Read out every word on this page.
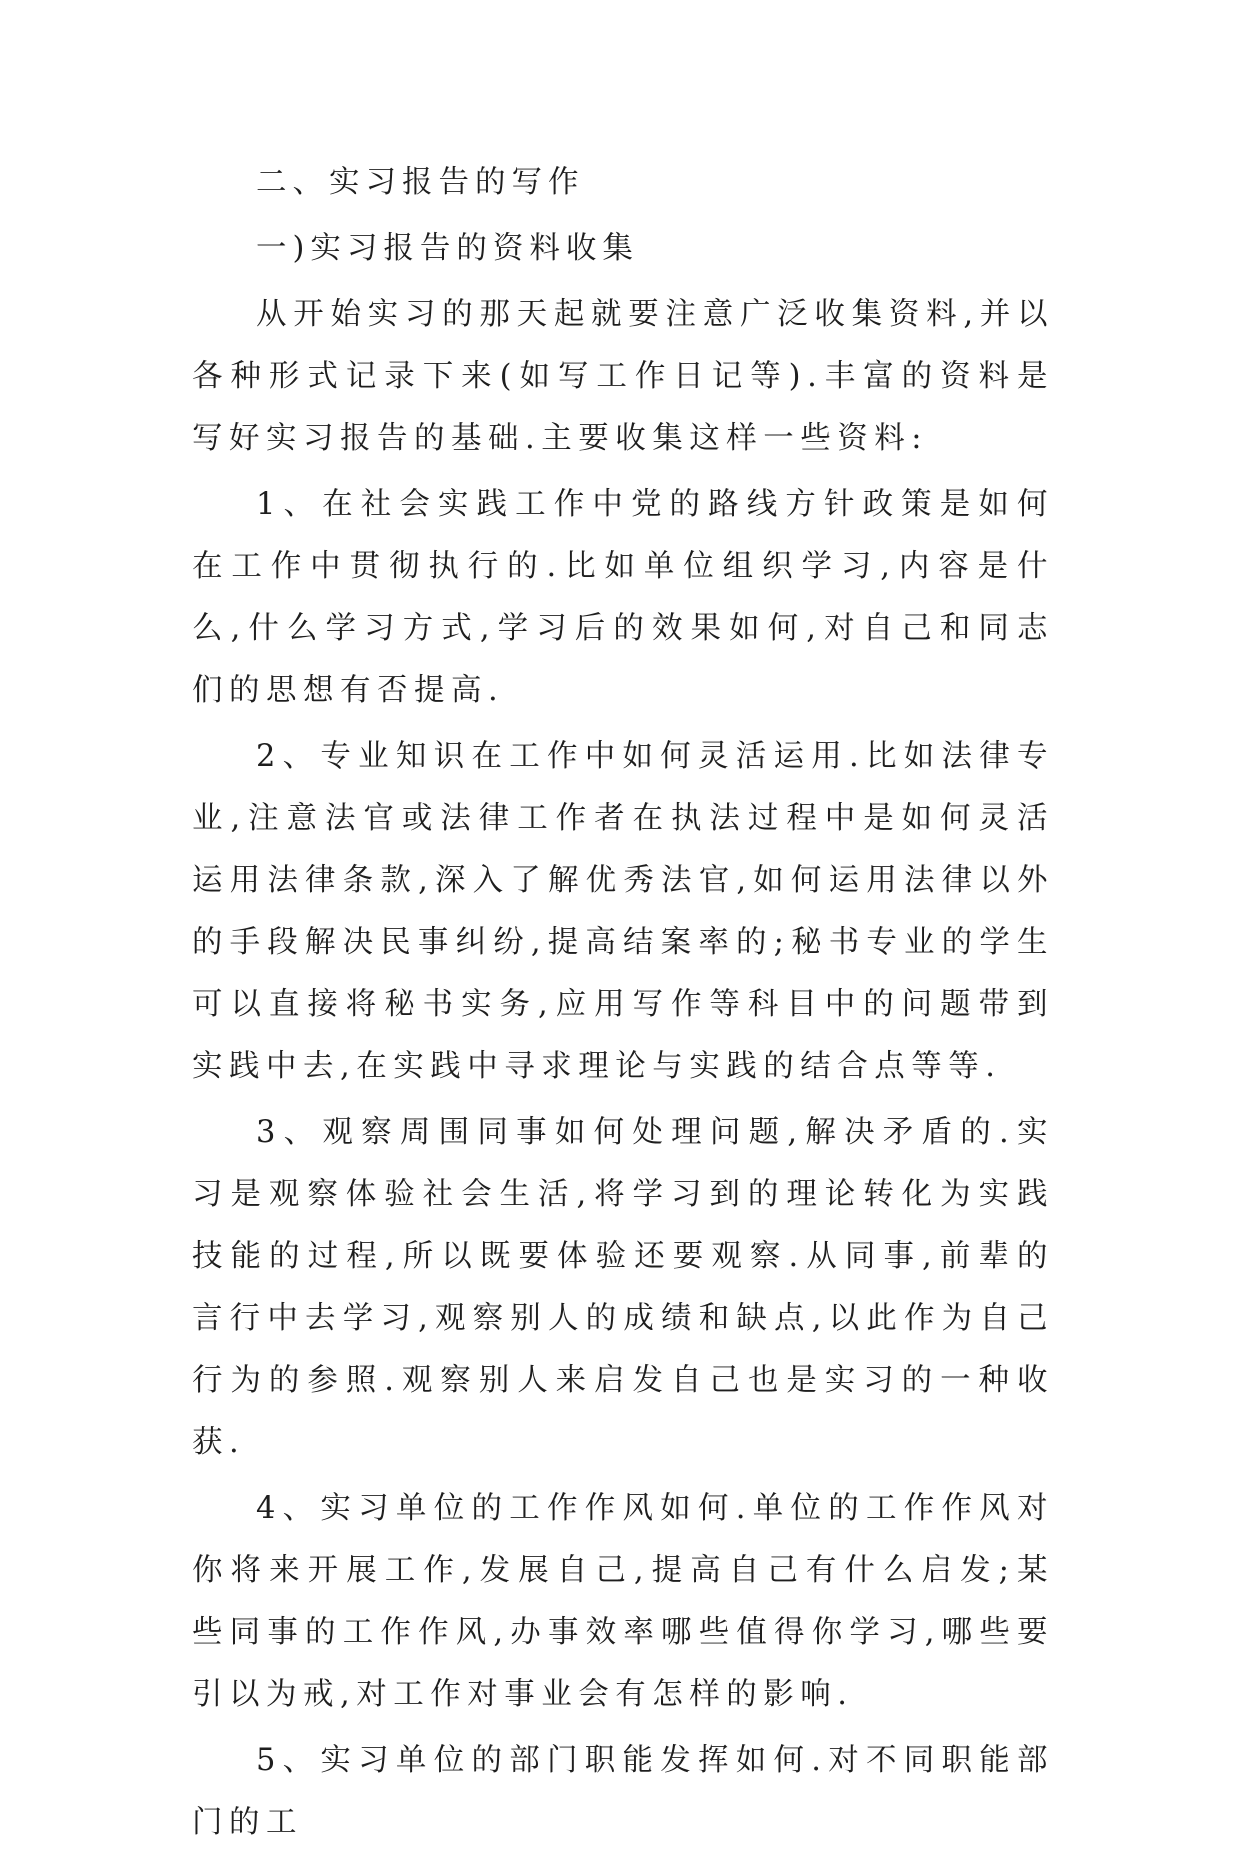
二、实习报告的写作

一)实习报告的资料收集

从开始实习的那天起就要注意广泛收集资料,并以各种形式记录下来(如写工作日记等).丰富的资料是写好实习报告的基础.主要收集这样一些资料:

1、在社会实践工作中党的路线方针政策是如何在工作中贯彻执行的.比如单位组织学习,内容是什么,什么学习方式,学习后的效果如何,对自己和同志们的思想有否提高.

2、专业知识在工作中如何灵活运用.比如法律专业,注意法官或法律工作者在执法过程中是如何灵活运用法律条款,深入了解优秀法官,如何运用法律以外的手段解决民事纠纷,提高结案率的;秘书专业的学生可以直接将秘书实务,应用写作等科目中的问题带到实践中去,在实践中寻求理论与实践的结合点等等.

3、观察周围同事如何处理问题,解决矛盾的.实习是观察体验社会生活,将学习到的理论转化为实践技能的过程,所以既要体验还要观察.从同事,前辈的言行中去学习,观察别人的成绩和缺点,以此作为自己行为的参照.观察别人来启发自己也是实习的一种收获.

4、实习单位的工作作风如何.单位的工作作风对你将来开展工作,发展自己,提高自己有什么启发;某些同事的工作作风,办事效率哪些值得你学习,哪些要引以为戒,对工作对事业会有怎样的影响.

5、实习单位的部门职能发挥如何.对不同职能部门的工
